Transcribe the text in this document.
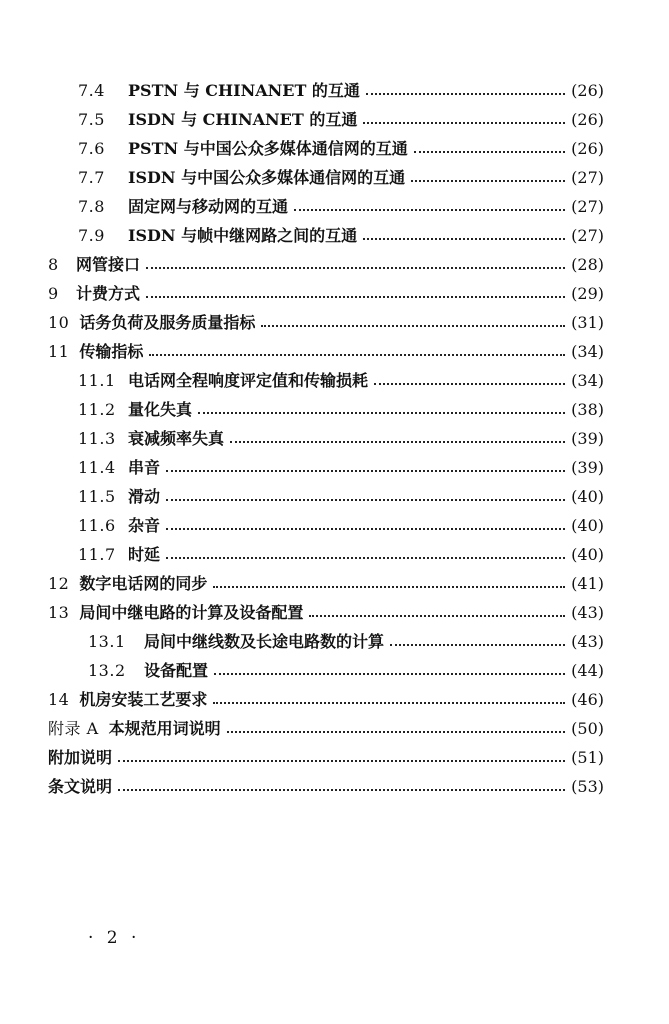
7.4	PSTN 与 CHINANET 的互通	(26)
7.5	ISDN 与 CHINANET 的互通	(26)
7.6	PSTN 与中国公众多媒体通信网的互通	(26)
7.7	ISDN 与中国公众多媒体通信网的互通	(27)
7.8	固定网与移动网的互通	(27)
7.9	ISDN 与帧中继网路之间的互通	(27)
8	网管接口	(28)
9	计费方式	(29)
10 话务负荷及服务质量指标	(31)
11 传输指标	(34)
11.1 电话网全程响度评定值和传输损耗	(34)
11.2 量化失真	(38)
11.3 衰减频率失真	(39)
11.4 串音	(39)
11.5 滑动	(40)
11.6 杂音	(40)
11.7 时延	(40)
12 数字电话网的同步	(41)
13 局间中继电路的计算及设备配置	(43)
13.1	局间中继线数及长途电路数的计算	(43)
13.2	设备配置	(44)
14 机房安装工艺要求	(46)
附录 A 本规范用词说明	(50)
附加说明	(51)
条文说明	(53)
· 2 ·
